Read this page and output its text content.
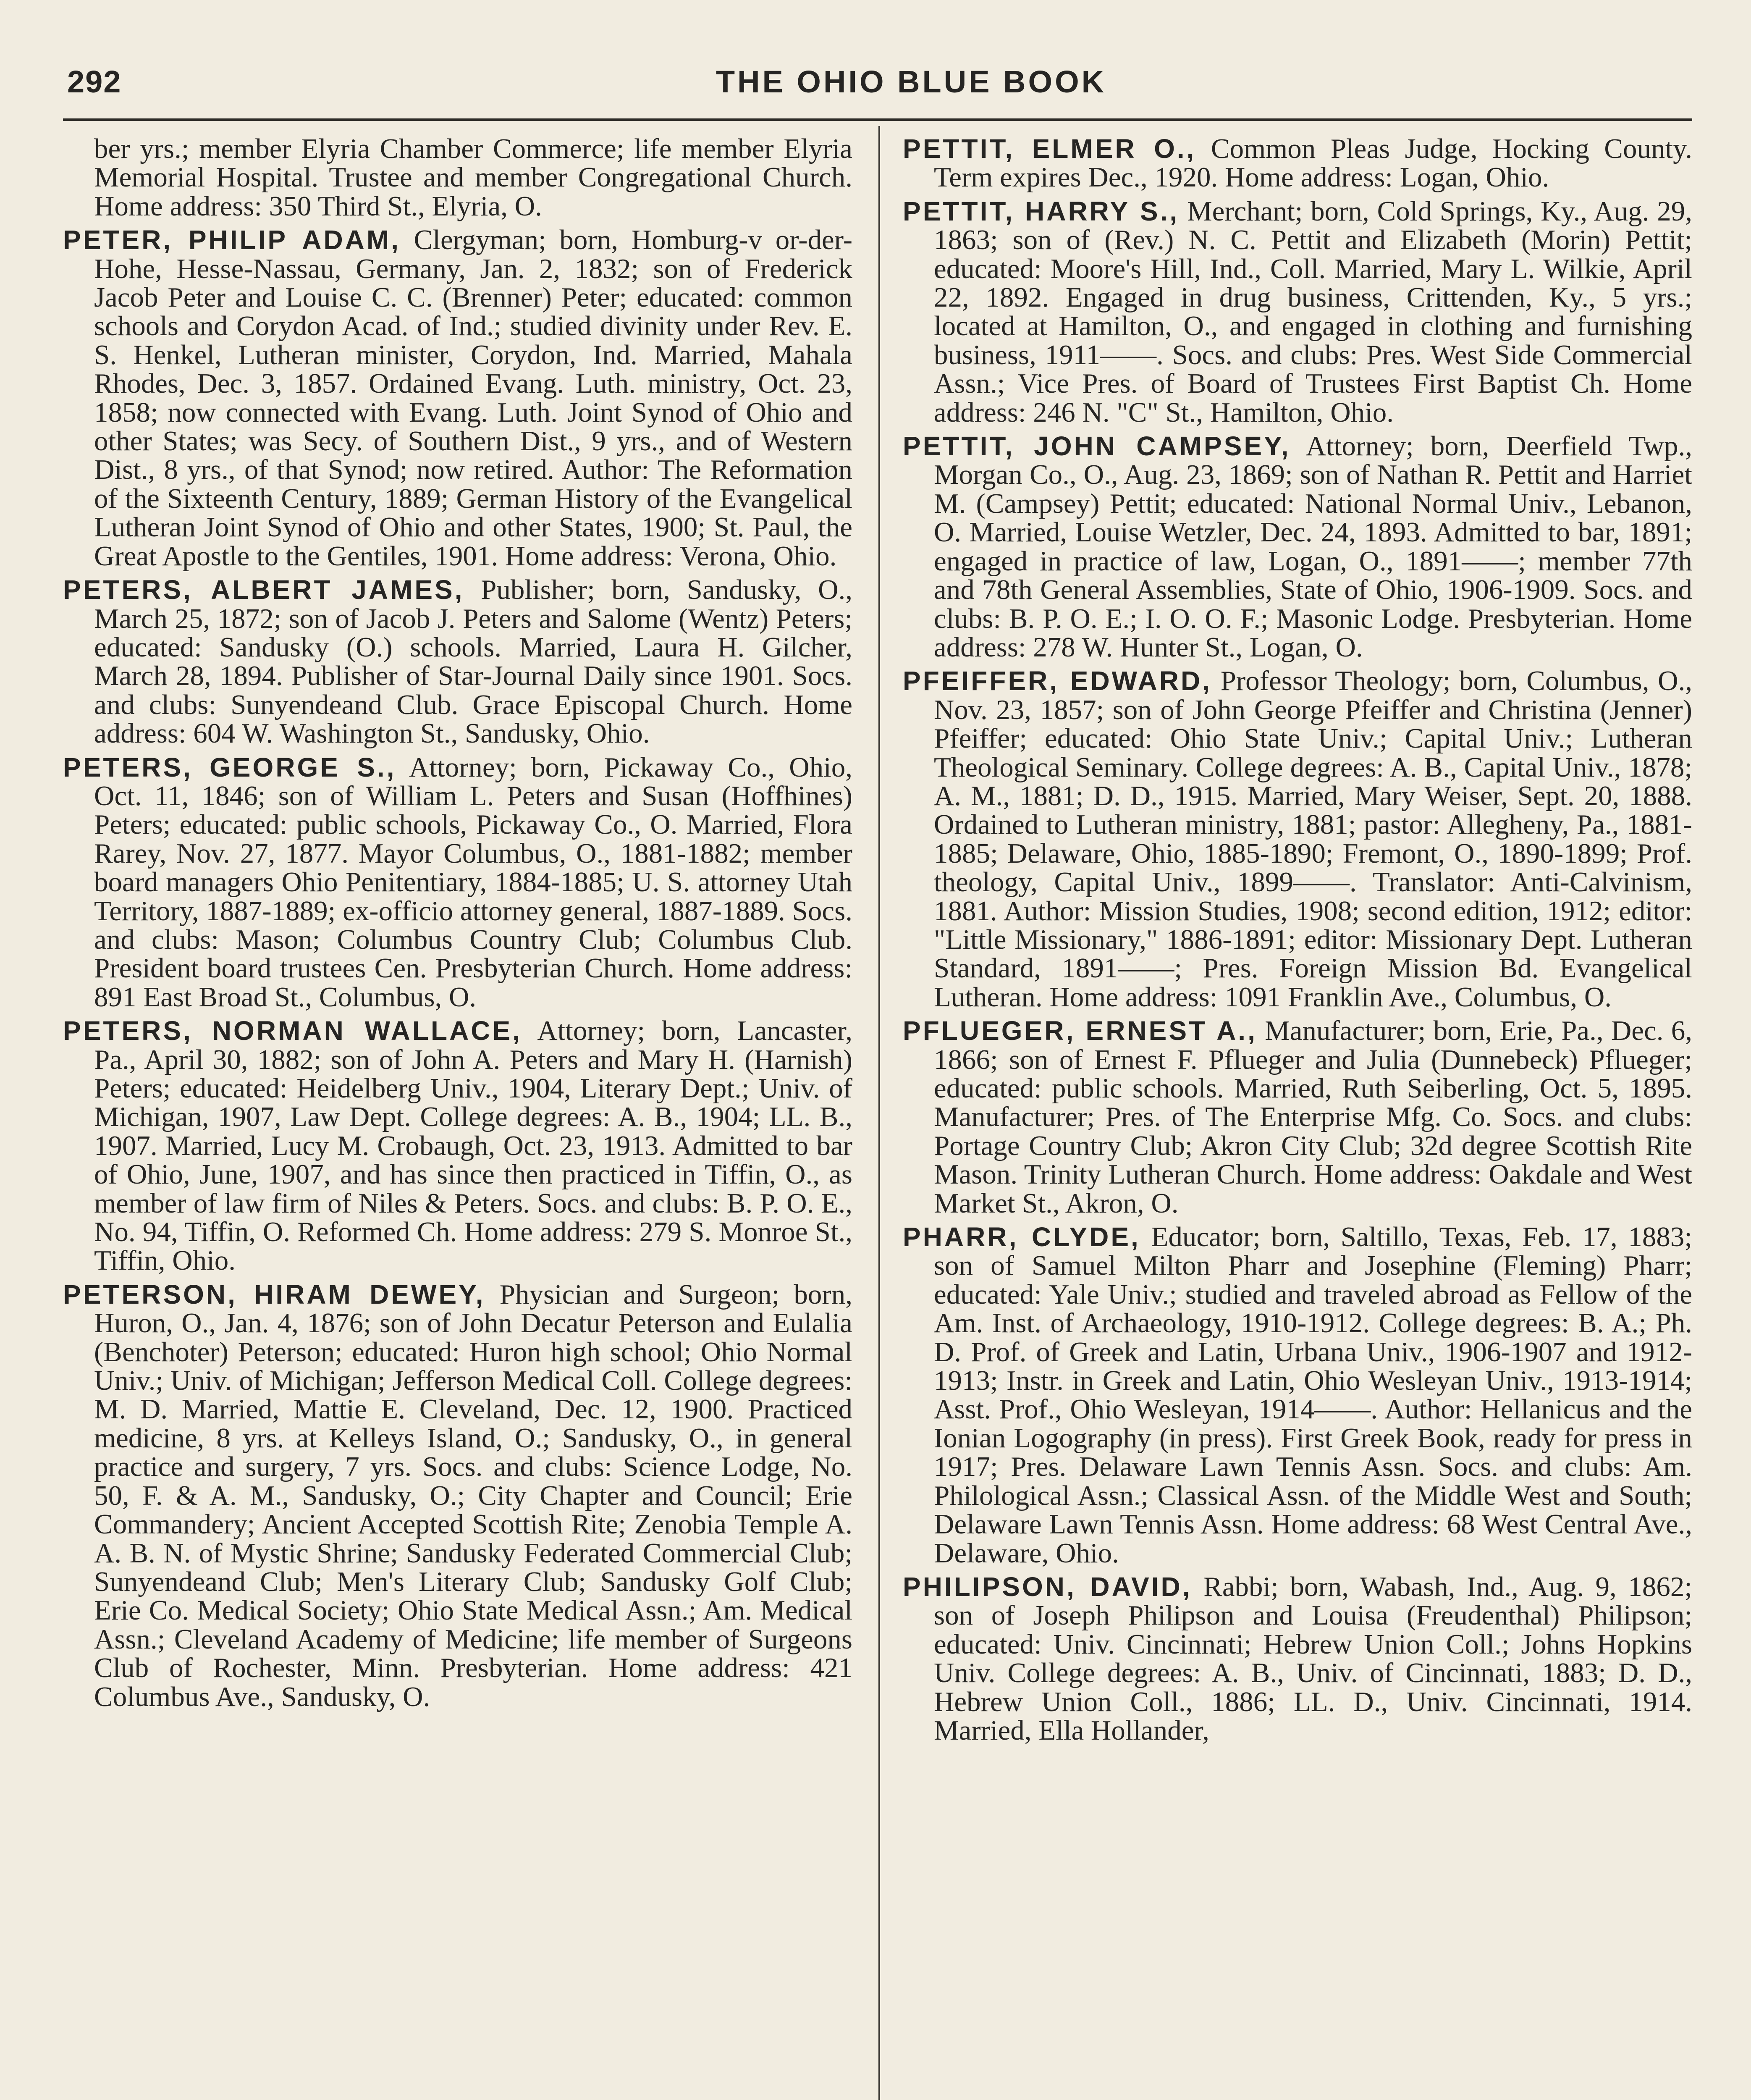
292	THE OHIO BLUE BOOK

ber yrs.; member Elyria Chamber Commerce; life member Elyria Memorial Hospital. Trustee and member Congregational Church. Home address: 350 Third St., Elyria, O.

PETER, PHILIP ADAM, Clergyman; born, Homburg-v or-der-Hohe, Hesse-Nassau, Germany, Jan. 2, 1832; son of Frederick Jacob Peter and Louise C. C. (Brenner) Peter; educated: common schools and Corydon Acad. of Ind.; studied divinity under Rev. E. S. Henkel, Lutheran minister, Corydon, Ind. Married, Mahala Rhodes, Dec. 3, 1857. Ordained Evang. Luth. ministry, Oct. 23, 1858; now connected with Evang. Luth. Joint Synod of Ohio and other States; was Secy. of Southern Dist., 9 yrs., and of Western Dist., 8 yrs., of that Synod; now retired. Author: The Reformation of the Sixteenth Century, 1889; German History of the Evangelical Lutheran Joint Synod of Ohio and other States, 1900; St. Paul, the Great Apostle to the Gentiles, 1901. Home address: Verona, Ohio.

PETERS, ALBERT JAMES, Publisher; born, Sandusky, O., March 25, 1872; son of Jacob J. Peters and Salome (Wentz) Peters; educated: Sandusky (O.) schools. Married, Laura H. Gilcher, March 28, 1894. Publisher of Star-Journal Daily since 1901. Socs. and clubs: Sunyendeand Club. Grace Episcopal Church. Home address: 604 W. Washington St., Sandusky, Ohio.

PETERS, GEORGE S., Attorney; born, Pickaway Co., Ohio, Oct. 11, 1846; son of William L. Peters and Susan (Hoffhines) Peters; educated: public schools, Pickaway Co., O. Married, Flora Rarey, Nov. 27, 1877. Mayor Columbus, O., 1881-1882; member board managers Ohio Penitentiary, 1884-1885; U. S. attorney Utah Territory, 1887-1889; ex-officio attorney general, 1887-1889. Socs. and clubs: Mason; Columbus Country Club; Columbus Club. President board trustees Cen. Presbyterian Church. Home address: 891 East Broad St., Columbus, O.

PETERS, NORMAN WALLACE, Attorney; born, Lancaster, Pa., April 30, 1882; son of John A. Peters and Mary H. (Harnish) Peters; educated: Heidelberg Univ., 1904, Literary Dept.; Univ. of Michigan, 1907, Law Dept. College degrees: A. B., 1904; LL. B., 1907. Married, Lucy M. Crobaugh, Oct. 23, 1913. Admitted to bar of Ohio, June, 1907, and has since then practiced in Tiffin, O., as member of law firm of Niles & Peters. Socs. and clubs: B. P. O. E., No. 94, Tiffin, O. Reformed Ch. Home address: 279 S. Monroe St., Tiffin, Ohio.

PETERSON, HIRAM DEWEY, Physician and Surgeon; born, Huron, O., Jan. 4, 1876; son of John Decatur Peterson and Eulalia (Benchoter) Peterson; educated: Huron high school; Ohio Normal Univ.; Univ. of Michigan; Jefferson Medical Coll. College degrees: M. D. Married, Mattie E. Cleveland, Dec. 12, 1900. Practiced medicine, 8 yrs. at Kelleys Island, O.; Sandusky, O., in general practice and surgery, 7 yrs. Socs. and clubs: Science Lodge, No. 50, F. & A. M., Sandusky, O.; City Chapter and Council; Erie Commandery; Ancient Accepted Scottish Rite; Zenobia Temple A. A. B. N. of Mystic Shrine; Sandusky Federated Commercial Club; Sunyendeand Club; Men's Literary Club; Sandusky Golf Club; Erie Co. Medical Society; Ohio State Medical Assn.; Am. Medical Assn.; Cleveland Academy of Medicine; life member of Surgeons Club of Rochester, Minn. Presbyterian. Home address: 421 Columbus Ave., Sandusky, O.

PETTIT, ELMER O., Common Pleas Judge, Hocking County. Term expires Dec., 1920. Home address: Logan, Ohio.

PETTIT, HARRY S., Merchant; born, Cold Springs, Ky., Aug. 29, 1863; son of (Rev.) N. C. Pettit and Elizabeth (Morin) Pettit; educated: Moore's Hill, Ind., Coll. Married, Mary L. Wilkie, April 22, 1892. Engaged in drug business, Crittenden, Ky., 5 yrs.; located at Hamilton, O., and engaged in clothing and furnishing business, 1911——. Socs. and clubs: Pres. West Side Commercial Assn.; Vice Pres. of Board of Trustees First Baptist Ch. Home address: 246 N. "C" St., Hamilton, Ohio.

PETTIT, JOHN CAMPSEY, Attorney; born, Deerfield Twp., Morgan Co., O., Aug. 23, 1869; son of Nathan R. Pettit and Harriet M. (Campsey) Pettit; educated: National Normal Univ., Lebanon, O. Married, Louise Wetzler, Dec. 24, 1893. Admitted to bar, 1891; engaged in practice of law, Logan, O., 1891——; member 77th and 78th General Assemblies, State of Ohio, 1906-1909. Socs. and clubs: B. P. O. E.; I. O. O. F.; Masonic Lodge. Presbyterian. Home address: 278 W. Hunter St., Logan, O.

PFEIFFER, EDWARD, Professor Theology; born, Columbus, O., Nov. 23, 1857; son of John George Pfeiffer and Christina (Jenner) Pfeiffer; educated: Ohio State Univ.; Capital Univ.; Lutheran Theological Seminary. College degrees: A. B., Capital Univ., 1878; A. M., 1881; D. D., 1915. Married, Mary Weiser, Sept. 20, 1888. Ordained to Lutheran ministry, 1881; pastor: Allegheny, Pa., 1881-1885; Delaware, Ohio, 1885-1890; Fremont, O., 1890-1899; Prof. theology, Capital Univ., 1899——. Translator: Anti-Calvinism, 1881. Author: Mission Studies, 1908; second edition, 1912; editor: "Little Missionary," 1886-1891; editor: Missionary Dept. Lutheran Standard, 1891——; Pres. Foreign Mission Bd. Evangelical Lutheran. Home address: 1091 Franklin Ave., Columbus, O.

PFLUEGER, ERNEST A., Manufacturer; born, Erie, Pa., Dec. 6, 1866; son of Ernest F. Pflueger and Julia (Dunnebeck) Pflueger; educated: public schools. Married, Ruth Seiberling, Oct. 5, 1895. Manufacturer; Pres. of The Enterprise Mfg. Co. Socs. and clubs: Portage Country Club; Akron City Club; 32d degree Scottish Rite Mason. Trinity Lutheran Church. Home address: Oakdale and West Market St., Akron, O.

PHARR, CLYDE, Educator; born, Saltillo, Texas, Feb. 17, 1883; son of Samuel Milton Pharr and Josephine (Fleming) Pharr; educated: Yale Univ.; studied and traveled abroad as Fellow of the Am. Inst. of Archaeology, 1910-1912. College degrees: B. A.; Ph. D. Prof. of Greek and Latin, Urbana Univ., 1906-1907 and 1912-1913; Instr. in Greek and Latin, Ohio Wesleyan Univ., 1913-1914; Asst. Prof., Ohio Wesleyan, 1914——. Author: Hellanicus and the Ionian Logography (in press). First Greek Book, ready for press in 1917; Pres. Delaware Lawn Tennis Assn. Socs. and clubs: Am. Philological Assn.; Classical Assn. of the Middle West and South; Delaware Lawn Tennis Assn. Home address: 68 West Central Ave., Delaware, Ohio.

PHILIPSON, DAVID, Rabbi; born, Wabash, Ind., Aug. 9, 1862; son of Joseph Philipson and Louisa (Freudenthal) Philipson; educated: Univ. Cincinnati; Hebrew Union Coll.; Johns Hopkins Univ. College degrees: A. B., Univ. of Cincinnati, 1883; D. D., Hebrew Union Coll., 1886; LL. D., Univ. Cincinnati, 1914. Married, Ella Hollander,
